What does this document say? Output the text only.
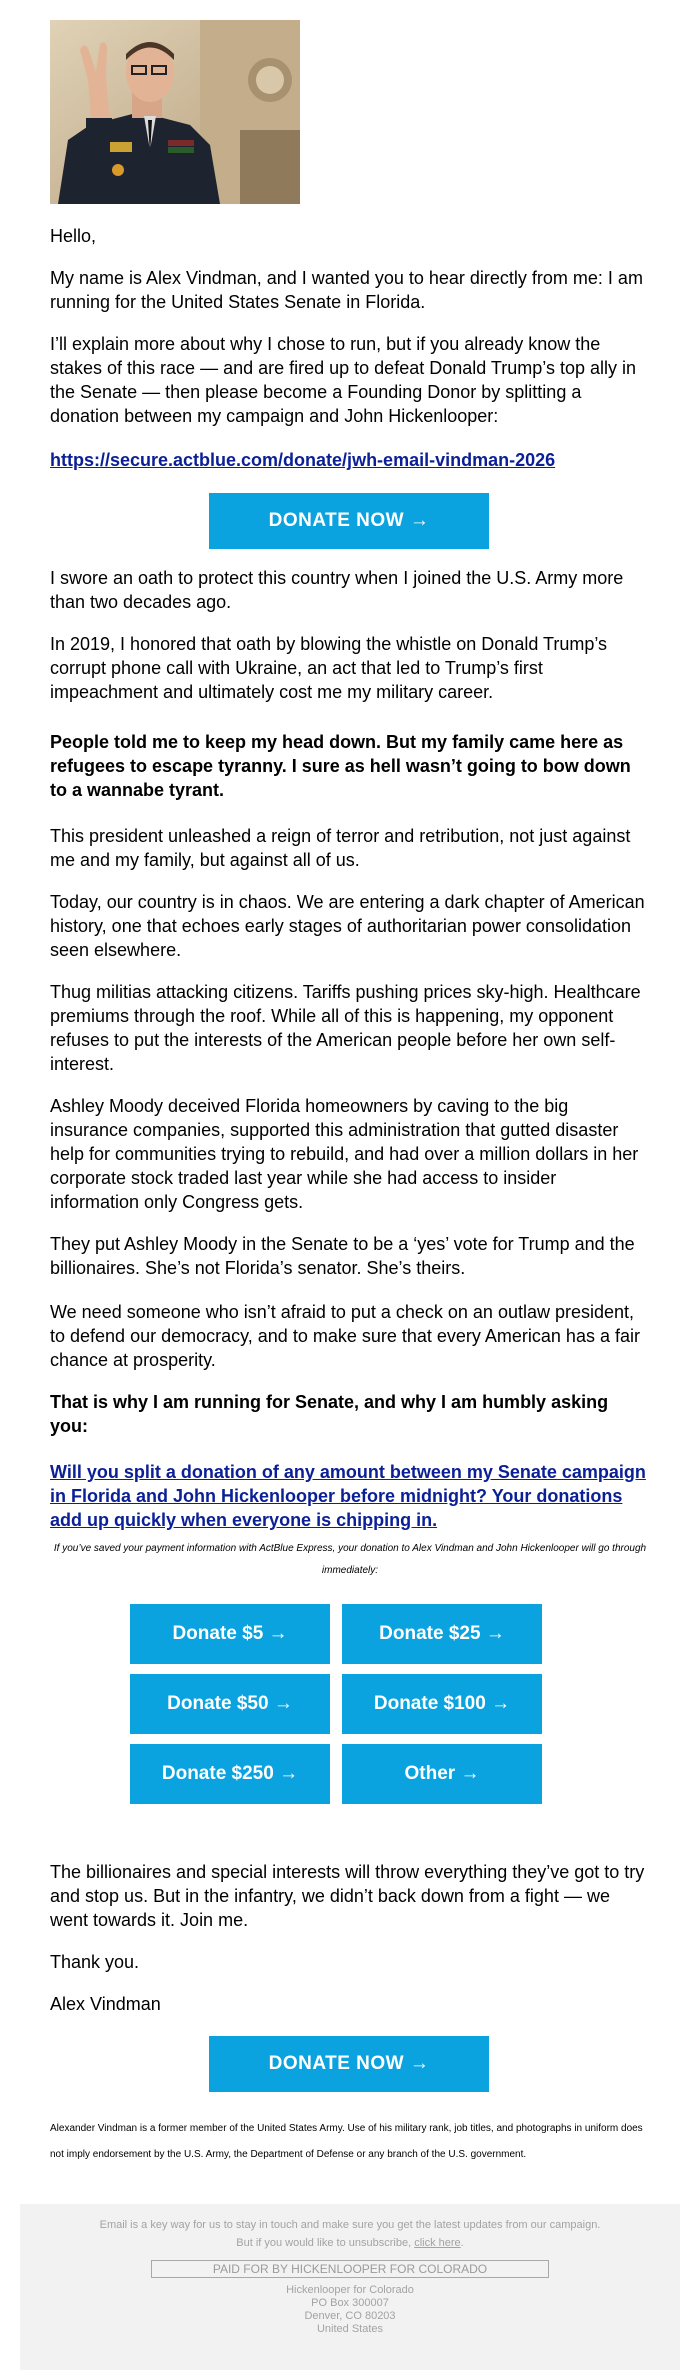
Hello,

My name is Alex Vindman, and I wanted you to hear directly from me: I am running for the United States Senate in Florida.

I’ll explain more about why I chose to run, but if you already know the stakes of this race — and are fired up to defeat Donald Trump’s top ally in the Senate — then please become a Founding Donor by splitting a donation between my campaign and John Hickenlooper:

https://secure.actblue.com/donate/jwh-email-vindman-2026
DONATE NOW →

I swore an oath to protect this country when I joined the U.S. Army more than two decades ago.

In 2019, I honored that oath by blowing the whistle on Donald Trump’s corrupt phone call with Ukraine, an act that led to Trump’s first impeachment and ultimately cost me my military career.

People told me to keep my head down. But my family came here as refugees to escape tyranny. I sure as hell wasn’t going to bow down to a wannabe tyrant.

This president unleashed a reign of terror and retribution, not just against me and my family, but against all of us.

Today, our country is in chaos. We are entering a dark chapter of American history, one that echoes early stages of authoritarian power consolidation seen elsewhere.

Thug militias attacking citizens. Tariffs pushing prices sky-high. Healthcare premiums through the roof. While all of this is happening, my opponent refuses to put the interests of the American people before her own self-interest.

Ashley Moody deceived Florida homeowners by caving to the big insurance companies, supported this administration that gutted disaster help for communities trying to rebuild, and had over a million dollars in her corporate stock traded last year while she had access to insider information only Congress gets.

They put Ashley Moody in the Senate to be a ‘yes’ vote for Trump and the billionaires. She’s not Florida’s senator. She’s theirs.

We need someone who isn’t afraid to put a check on an outlaw president, to defend our democracy, and to make sure that every American has a fair chance at prosperity.

That is why I am running for Senate, and why I am humbly asking you:

Will you split a donation of any amount between my Senate campaign in Florida and John Hickenlooper before midnight? Your donations add up quickly when everyone is chipping in.

If you’ve saved your payment information with ActBlue Express, your donation to Alex Vindman and John Hickenlooper will go through immediately:

Donate $5 →	Donate $25 →
Donate $50 →	Donate $100 →
Donate $250 →	Other →

The billionaires and special interests will throw everything they’ve got to try and stop us. But in the infantry, we didn’t back down from a fight — we went towards it. Join me.

Thank you.

Alex Vindman

DONATE NOW →

Alexander Vindman is a former member of the United States Army. Use of his military rank, job titles, and photographs in uniform does not imply endorsement by the U.S. Army, the Department of Defense or any branch of the U.S. government.

Email is a key way for us to stay in touch and make sure you get the latest updates from our campaign.

But if you would like to unsubscribe, click here.

PAID FOR BY HICKENLOOPER FOR COLORADO

Hickenlooper for Colorado

PO Box 300007

Denver, CO 80203

United States
